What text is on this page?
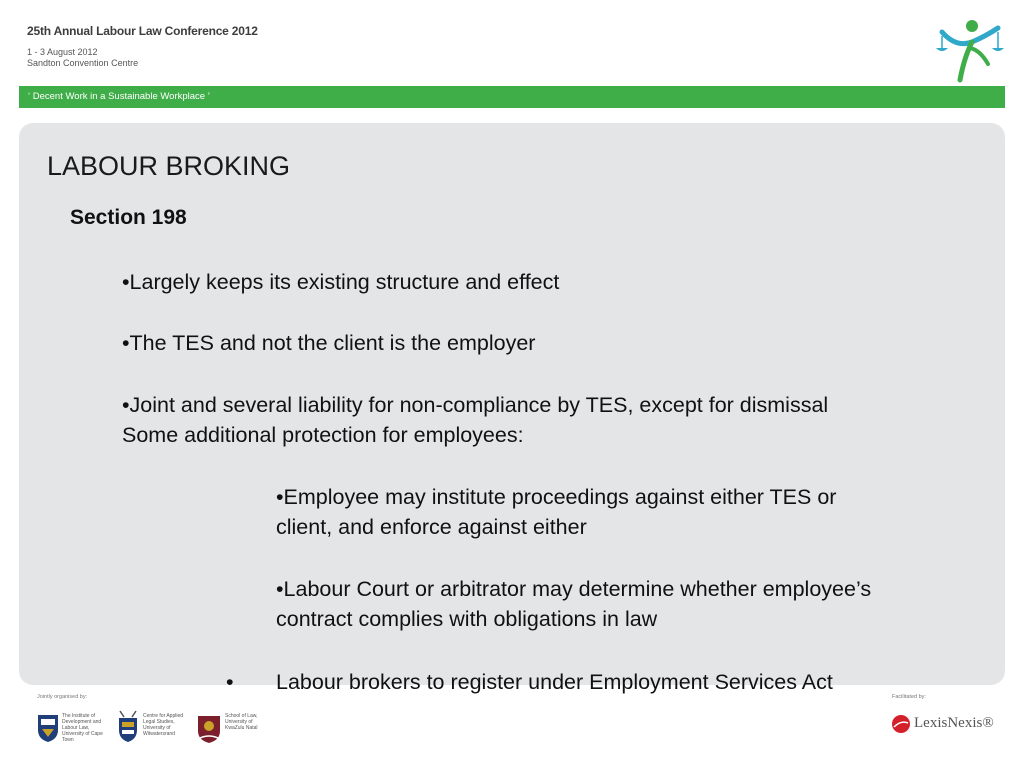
25th Annual Labour Law Conference 2012
1 - 3 August 2012
Sandton Convention Centre
‘ Decent Work in a Sustainable Workplace ’
LABOUR BROKING
Section 198
•Largely keeps its existing structure and effect
•The TES and not the client is the employer
•Joint and several liability for non-compliance by TES, except for dismissal
Some additional protection for employees:
•Employee may institute proceedings against either TES or
client, and enforce against either
•Labour Court or arbitrator may determine whether employee’s
contract complies with obligations in law
• Labour brokers to register under Employment Services Act
Jointly organised by:	Facilitated by:
The Institute of Development and Labour Law, University of Cape Town
Centre for Applied Legal Studies, University of Witwatersrand
School of Law, University of KwaZulu Natal	LexisNexis®
